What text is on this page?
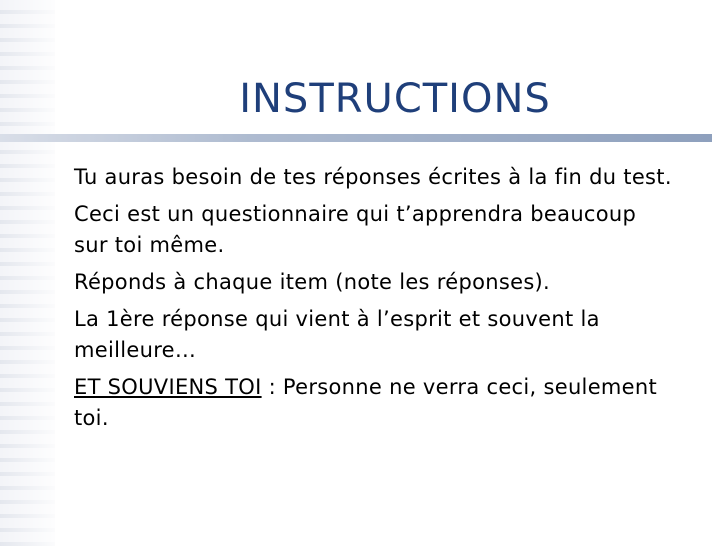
INSTRUCTIONS

Tu auras besoin de tes réponses écrites à la fin du test.

Ceci est un questionnaire qui t’apprendra beaucoup sur toi même.

Réponds à chaque item (note les réponses).

La 1ère réponse qui vient à l’esprit et souvent la meilleure…

ET SOUVIENS TOI : Personne ne verra ceci, seulement toi.
